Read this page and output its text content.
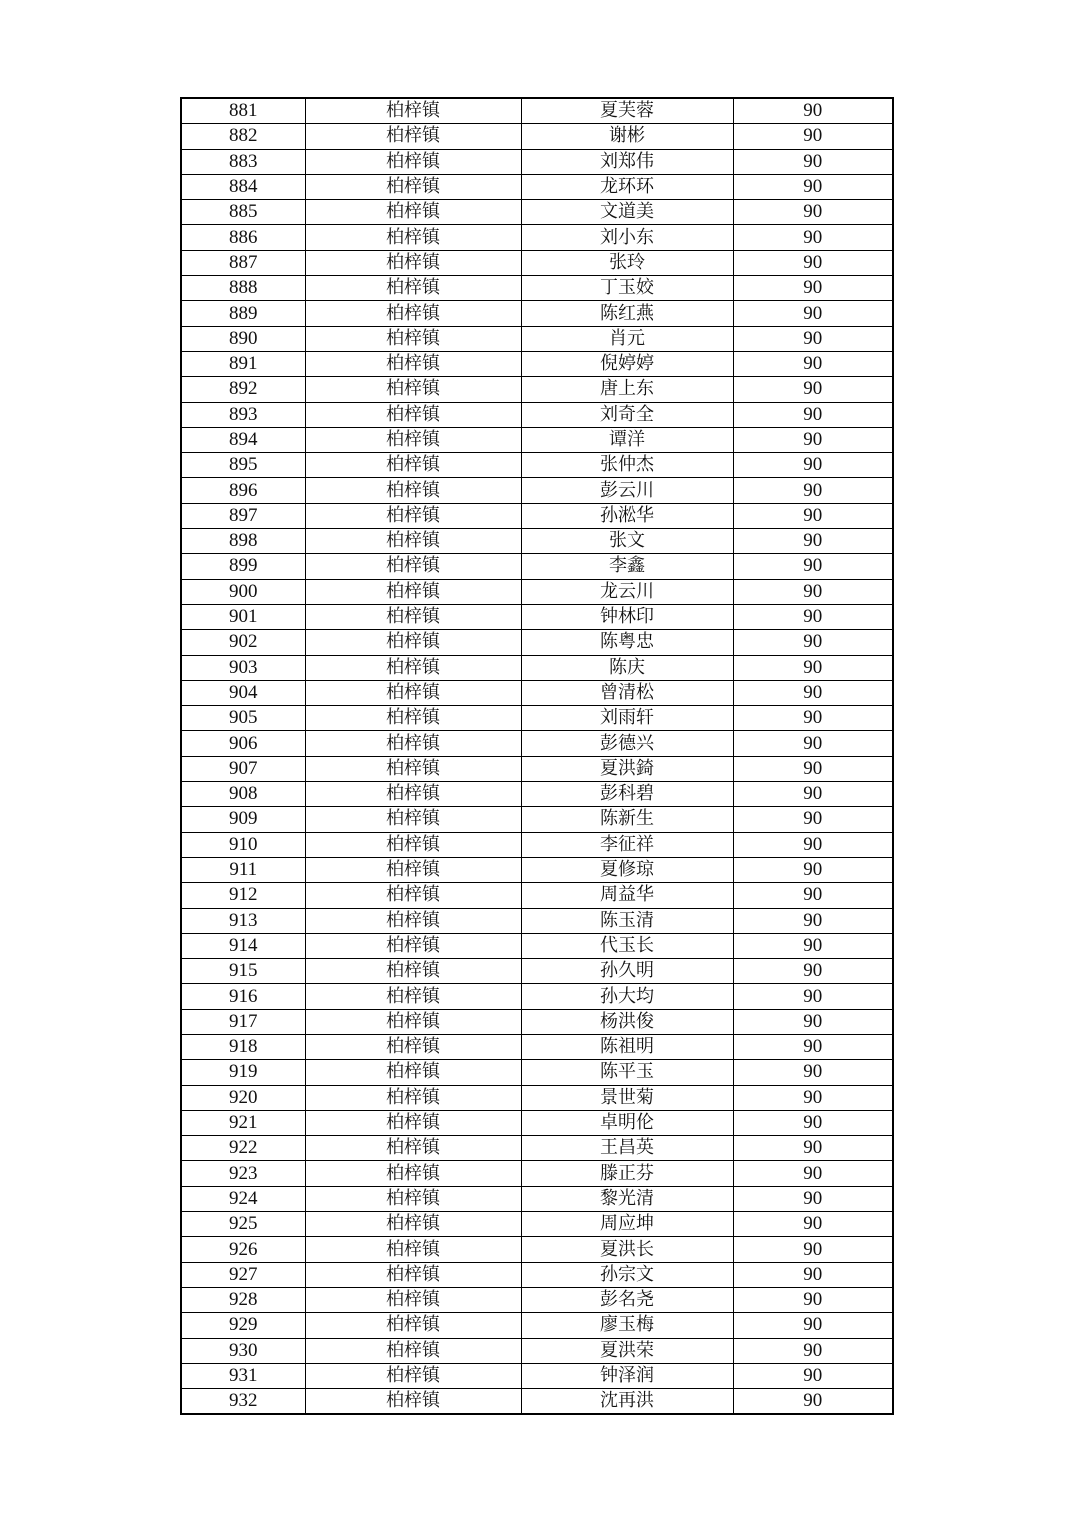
881	柏梓镇	夏芙蓉	90
882	柏梓镇	谢彬	90
883	柏梓镇	刘郑伟	90
884	柏梓镇	龙环环	90
885	柏梓镇	文道美	90
886	柏梓镇	刘小东	90
887	柏梓镇	张玲	90
888	柏梓镇	丁玉姣	90
889	柏梓镇	陈红燕	90
890	柏梓镇	肖元	90
891	柏梓镇	倪婷婷	90
892	柏梓镇	唐上东	90
893	柏梓镇	刘奇全	90
894	柏梓镇	谭洋	90
895	柏梓镇	张仲杰	90
896	柏梓镇	彭云川	90
897	柏梓镇	孙淞华	90
898	柏梓镇	张文	90
899	柏梓镇	李鑫	90
900	柏梓镇	龙云川	90
901	柏梓镇	钟林印	90
902	柏梓镇	陈粤忠	90
903	柏梓镇	陈庆	90
904	柏梓镇	曾清松	90
905	柏梓镇	刘雨轩	90
906	柏梓镇	彭德兴	90
907	柏梓镇	夏洪錡	90
908	柏梓镇	彭科碧	90
909	柏梓镇	陈新生	90
910	柏梓镇	李征祥	90
911	柏梓镇	夏修琼	90
912	柏梓镇	周益华	90
913	柏梓镇	陈玉清	90
914	柏梓镇	代玉长	90
915	柏梓镇	孙久明	90
916	柏梓镇	孙大均	90
917	柏梓镇	杨洪俊	90
918	柏梓镇	陈祖明	90
919	柏梓镇	陈平玉	90
920	柏梓镇	景世菊	90
921	柏梓镇	卓明伦	90
922	柏梓镇	王昌英	90
923	柏梓镇	滕正芬	90
924	柏梓镇	黎光清	90
925	柏梓镇	周应坤	90
926	柏梓镇	夏洪长	90
927	柏梓镇	孙宗文	90
928	柏梓镇	彭名尧	90
929	柏梓镇	廖玉梅	90
930	柏梓镇	夏洪荣	90
931	柏梓镇	钟泽润	90
932	柏梓镇	沈再洪	90
